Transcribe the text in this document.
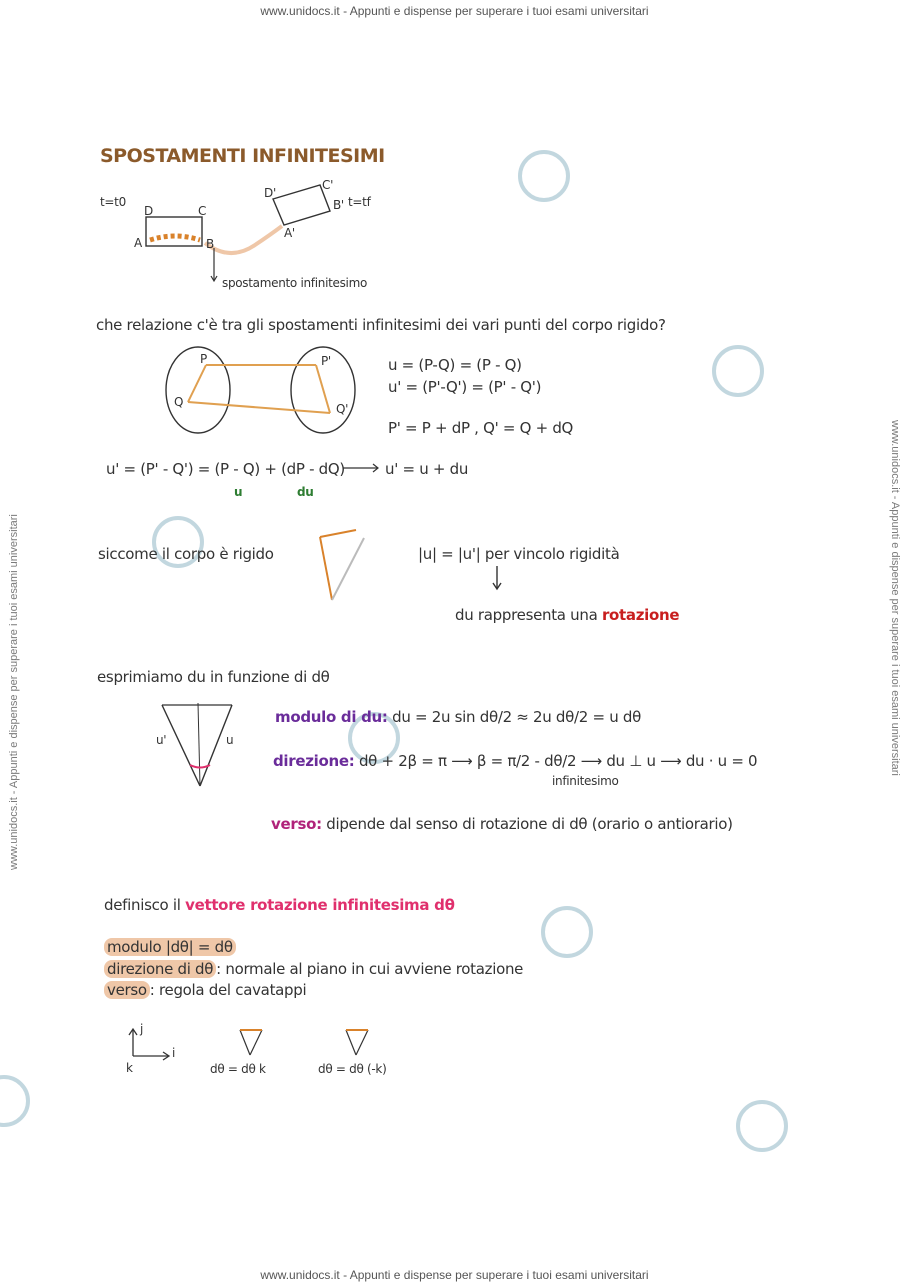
www.unidocs.it - Appunti e dispense per superare i tuoi esami universitari
www.unidocs.it - Appunti e dispense per superare i tuoi esami universitari
www.unidocs.it - Appunti e dispense per superare i tuoi esami universitari	www.unidocs.it - Appunti e dispense per superare i tuoi esami universitari
SPOSTAMENTI INFINITESIMI
t=t0	t=tf
D	C
A	B
D'
C'
B'
A'
spostamento infinitesimo
che relazione c'è tra gli spostamenti infinitesimi dei vari punti del corpo rigido?
P
Q
P'
Q'
u = (P-Q) = (P - Q)
u' = (P'-Q') = (P' - Q')
P' = P + dP , Q' = Q + dQ
u' = (P' - Q') = (P - Q) + (dP - dQ)	u' = u + du
u	du
siccome il corpo è rigido	|u| = |u'| per vincolo rigidità
du rappresenta una rotazione
esprimiamo du in funzione di dθ
u'	u
modulo di du: du = 2u sin dθ/2 ≈ 2u dθ/2 = u dθ
direzione: dθ + 2β = π ⟶ β = π/2 - dθ/2 ⟶ du ⊥ u ⟶ du · u = 0
infinitesimo
verso: dipende dal senso di rotazione di dθ (orario o antiorario)
definisco il vettore rotazione infinitesima dθ
modulo |dθ| = dθ
direzione di dθ : normale al piano in cui avviene rotazione
verso : regola del cavatappi
j
i
k	dθ = dθ k	dθ = dθ (-k)
